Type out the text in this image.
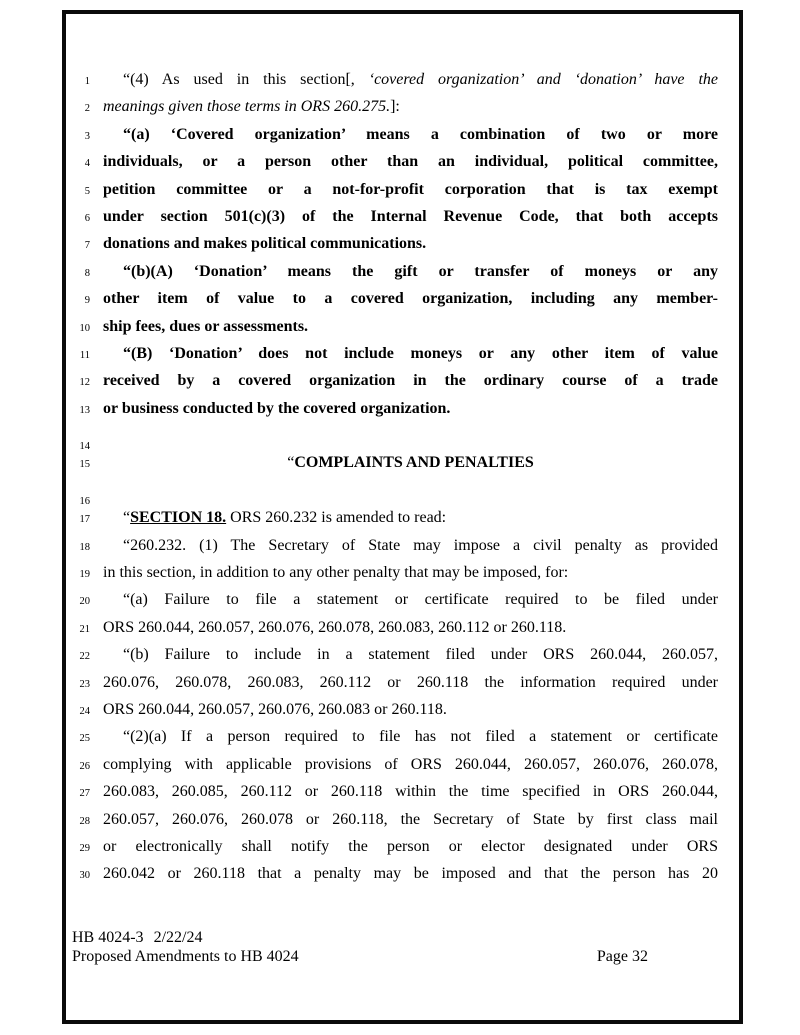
1	“(4) As used in this section[, ‘covered organization’ and ‘donation’ have the
2 meanings given those terms in ORS 260.275.]:
3	“(a) ‘Covered organization’ means a combination of two or more
4 individuals, or a person other than an individual, political committee,
5 petition committee or a not-for-profit corporation that is tax exempt
6 under section 501(c)(3) of the Internal Revenue Code, that both accepts
7 donations and makes political communications.
8	“(b)(A) ‘Donation’ means the gift or transfer of moneys or any
9 other item of value to a covered organization, including any member-
10 ship fees, dues or assessments.
11	“(B) ‘Donation’ does not include moneys or any other item of value
12 received by a covered organization in the ordinary course of a trade
13 or business conducted by the covered organization.
14
15	“COMPLAINTS AND PENALTIES
16
17	“SECTION 18. ORS 260.232 is amended to read:
18	“260.232. (1) The Secretary of State may impose a civil penalty as provided
19 in this section, in addition to any other penalty that may be imposed, for:
20	“(a) Failure to file a statement or certificate required to be filed under
21 ORS 260.044, 260.057, 260.076, 260.078, 260.083, 260.112 or 260.118.
22	“(b) Failure to include in a statement filed under ORS 260.044, 260.057,
23 260.076, 260.078, 260.083, 260.112 or 260.118 the information required under
24 ORS 260.044, 260.057, 260.076, 260.083 or 260.118.
25	“(2)(a) If a person required to file has not filed a statement or certificate
26 complying with applicable provisions of ORS 260.044, 260.057, 260.076, 260.078,
27 260.083, 260.085, 260.112 or 260.118 within the time specified in ORS 260.044,
28 260.057, 260.076, 260.078 or 260.118, the Secretary of State by first class mail
29 or electronically shall notify the person or elector designated under ORS
30 260.042 or 260.118 that a penalty may be imposed and that the person has 20
HB 4024-3 2/22/24
Proposed Amendments to HB 4024	Page 32
